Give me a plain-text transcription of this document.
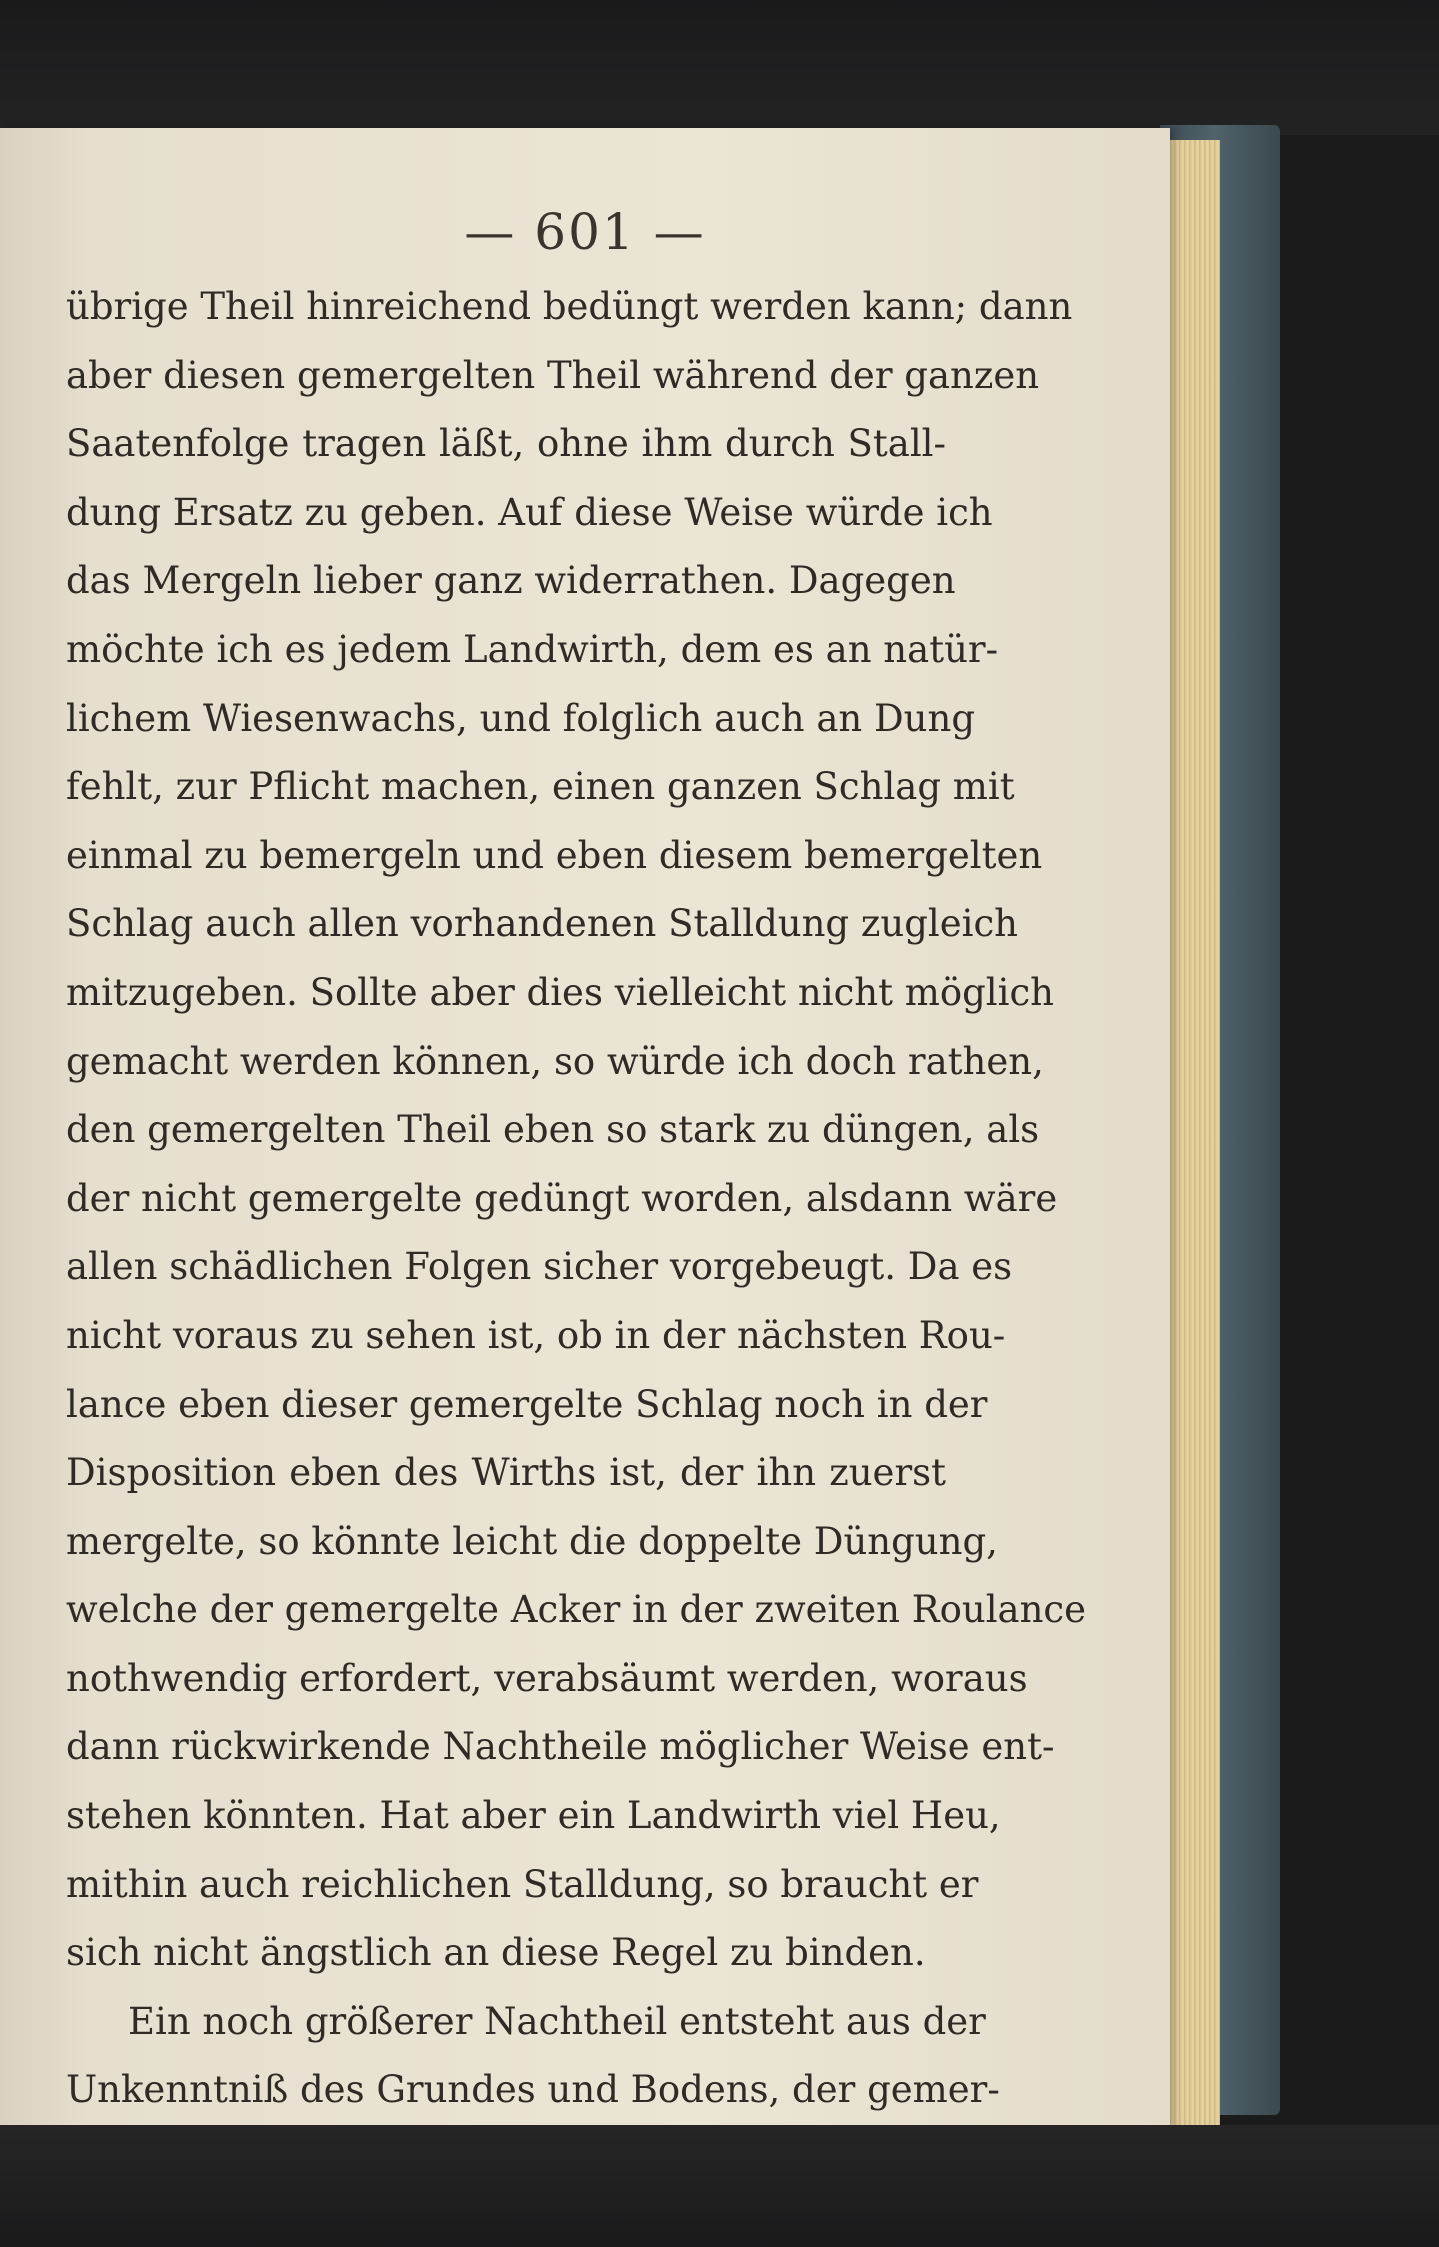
— 601 —
übrige Theil hinreichend bedüngt werden kann; dann
aber diesen gemergelten Theil während der ganzen
Saatenfolge tragen läßt, ohne ihm durch Stall-
dung Ersatz zu geben. Auf diese Weise würde ich
das Mergeln lieber ganz widerrathen. Dagegen
möchte ich es jedem Landwirth, dem es an natür-
lichem Wiesenwachs, und folglich auch an Dung
fehlt, zur Pflicht machen, einen ganzen Schlag mit
einmal zu bemergeln und eben diesem bemergelten
Schlag auch allen vorhandenen Stalldung zugleich
mitzugeben. Sollte aber dies vielleicht nicht möglich
gemacht werden können, so würde ich doch rathen,
den gemergelten Theil eben so stark zu düngen, als
der nicht gemergelte gedüngt worden, alsdann wäre
allen schädlichen Folgen sicher vorgebeugt. Da es
nicht voraus zu sehen ist, ob in der nächsten Rou-
lance eben dieser gemergelte Schlag noch in der
Disposition eben des Wirths ist, der ihn zuerst
mergelte, so könnte leicht die doppelte Düngung,
welche der gemergelte Acker in der zweiten Roulance
nothwendig erfordert, verabsäumt werden, woraus
dann rückwirkende Nachtheile möglicher Weise ent-
stehen könnten. Hat aber ein Landwirth viel Heu,
mithin auch reichlichen Stalldung, so braucht er
sich nicht ängstlich an diese Regel zu binden.
Ein noch größerer Nachtheil entsteht aus der
Unkenntniß des Grundes und Bodens, der gemer-
